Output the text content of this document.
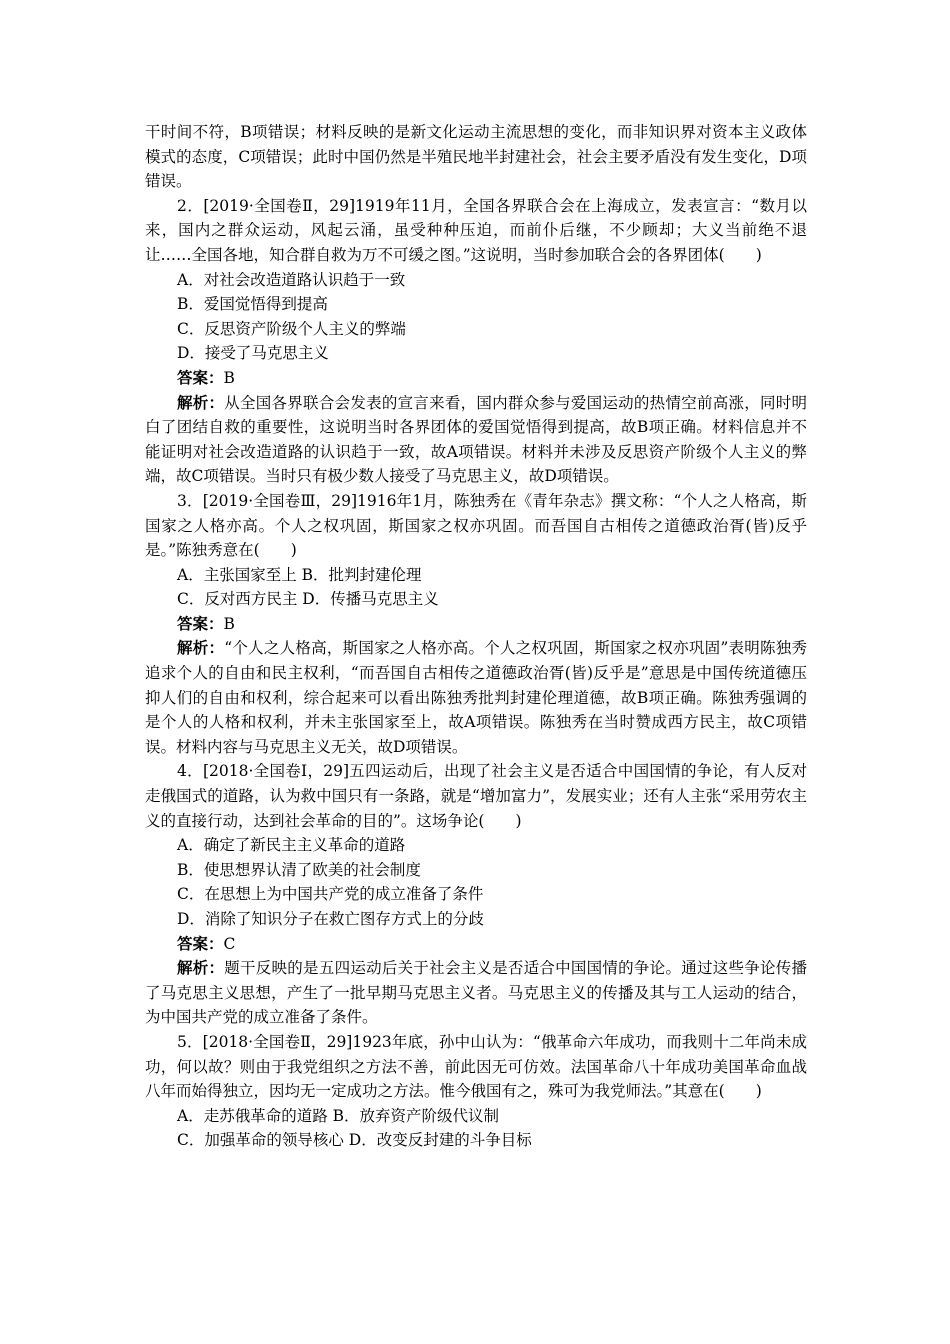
干时间不符，B项错误；材料反映的是新文化运动主流思想的变化，而非知识界对资本主义政体模式的态度，C项错误；此时中国仍然是半殖民地半封建社会，社会主要矛盾没有发生变化，D项错误。

2．[2019·全国卷Ⅱ，29]1919年11月，全国各界联合会在上海成立，发表宣言：“数月以来，国内之群众运动，风起云涌，虽受种种压迫，而前仆后继，不少顾却；大义当前绝不退让……全国各地，知合群自救为万不可缓之图。”这说明，当时参加联合会的各界团体(　　)

A．对社会改造道路认识趋于一致

B．爱国觉悟得到提高

C．反思资产阶级个人主义的弊端

D．接受了马克思主义

答案：B

解析：从全国各界联合会发表的宣言来看，国内群众参与爱国运动的热情空前高涨，同时明白了团结自救的重要性，这说明当时各界团体的爱国觉悟得到提高，故B项正确。材料信息并不能证明对社会改造道路的认识趋于一致，故A项错误。材料并未涉及反思资产阶级个人主义的弊端，故C项错误。当时只有极少数人接受了马克思主义，故D项错误。

3．[2019·全国卷Ⅲ，29]1916年1月，陈独秀在《青年杂志》撰文称：“个人之人格高，斯国家之人格亦高。个人之权巩固，斯国家之权亦巩固。而吾国自古相传之道德政治胥(皆)反乎是。”陈独秀意在(　　)

A．主张国家至上 B．批判封建伦理

C．反对西方民主 D．传播马克思主义

答案：B

解析：“个人之人格高，斯国家之人格亦高。个人之权巩固，斯国家之权亦巩固”表明陈独秀追求个人的自由和民主权利，“而吾国自古相传之道德政治胥(皆)反乎是”意思是中国传统道德压抑人们的自由和权利，综合起来可以看出陈独秀批判封建伦理道德，故B项正确。陈独秀强调的是个人的人格和权利，并未主张国家至上，故A项错误。陈独秀在当时赞成西方民主，故C项错误。材料内容与马克思主义无关，故D项错误。

4．[2018·全国卷Ⅰ，29]五四运动后，出现了社会主义是否适合中国国情的争论，有人反对走俄国式的道路，认为救中国只有一条路，就是“增加富力”，发展实业；还有人主张“采用劳农主义的直接行动，达到社会革命的目的”。这场争论(　　)

A．确定了新民主主义革命的道路

B．使思想界认清了欧美的社会制度

C．在思想上为中国共产党的成立准备了条件

D．消除了知识分子在救亡图存方式上的分歧

答案：C

解析：题干反映的是五四运动后关于社会主义是否适合中国国情的争论。通过这些争论传播了马克思主义思想，产生了一批早期马克思主义者。马克思主义的传播及其与工人运动的结合，为中国共产党的成立准备了条件。

5．[2018·全国卷Ⅱ，29]1923年底，孙中山认为：“俄革命六年成功，而我则十二年尚未成功，何以故？则由于我党组织之方法不善，前此因无可仿效。法国革命八十年成功美国革命血战八年而始得独立，因均无一定成功之方法。惟今俄国有之，殊可为我党师法。”其意在(　　)

A．走苏俄革命的道路 B．放弃资产阶级代议制

C．加强革命的领导核心 D．改变反封建的斗争目标
